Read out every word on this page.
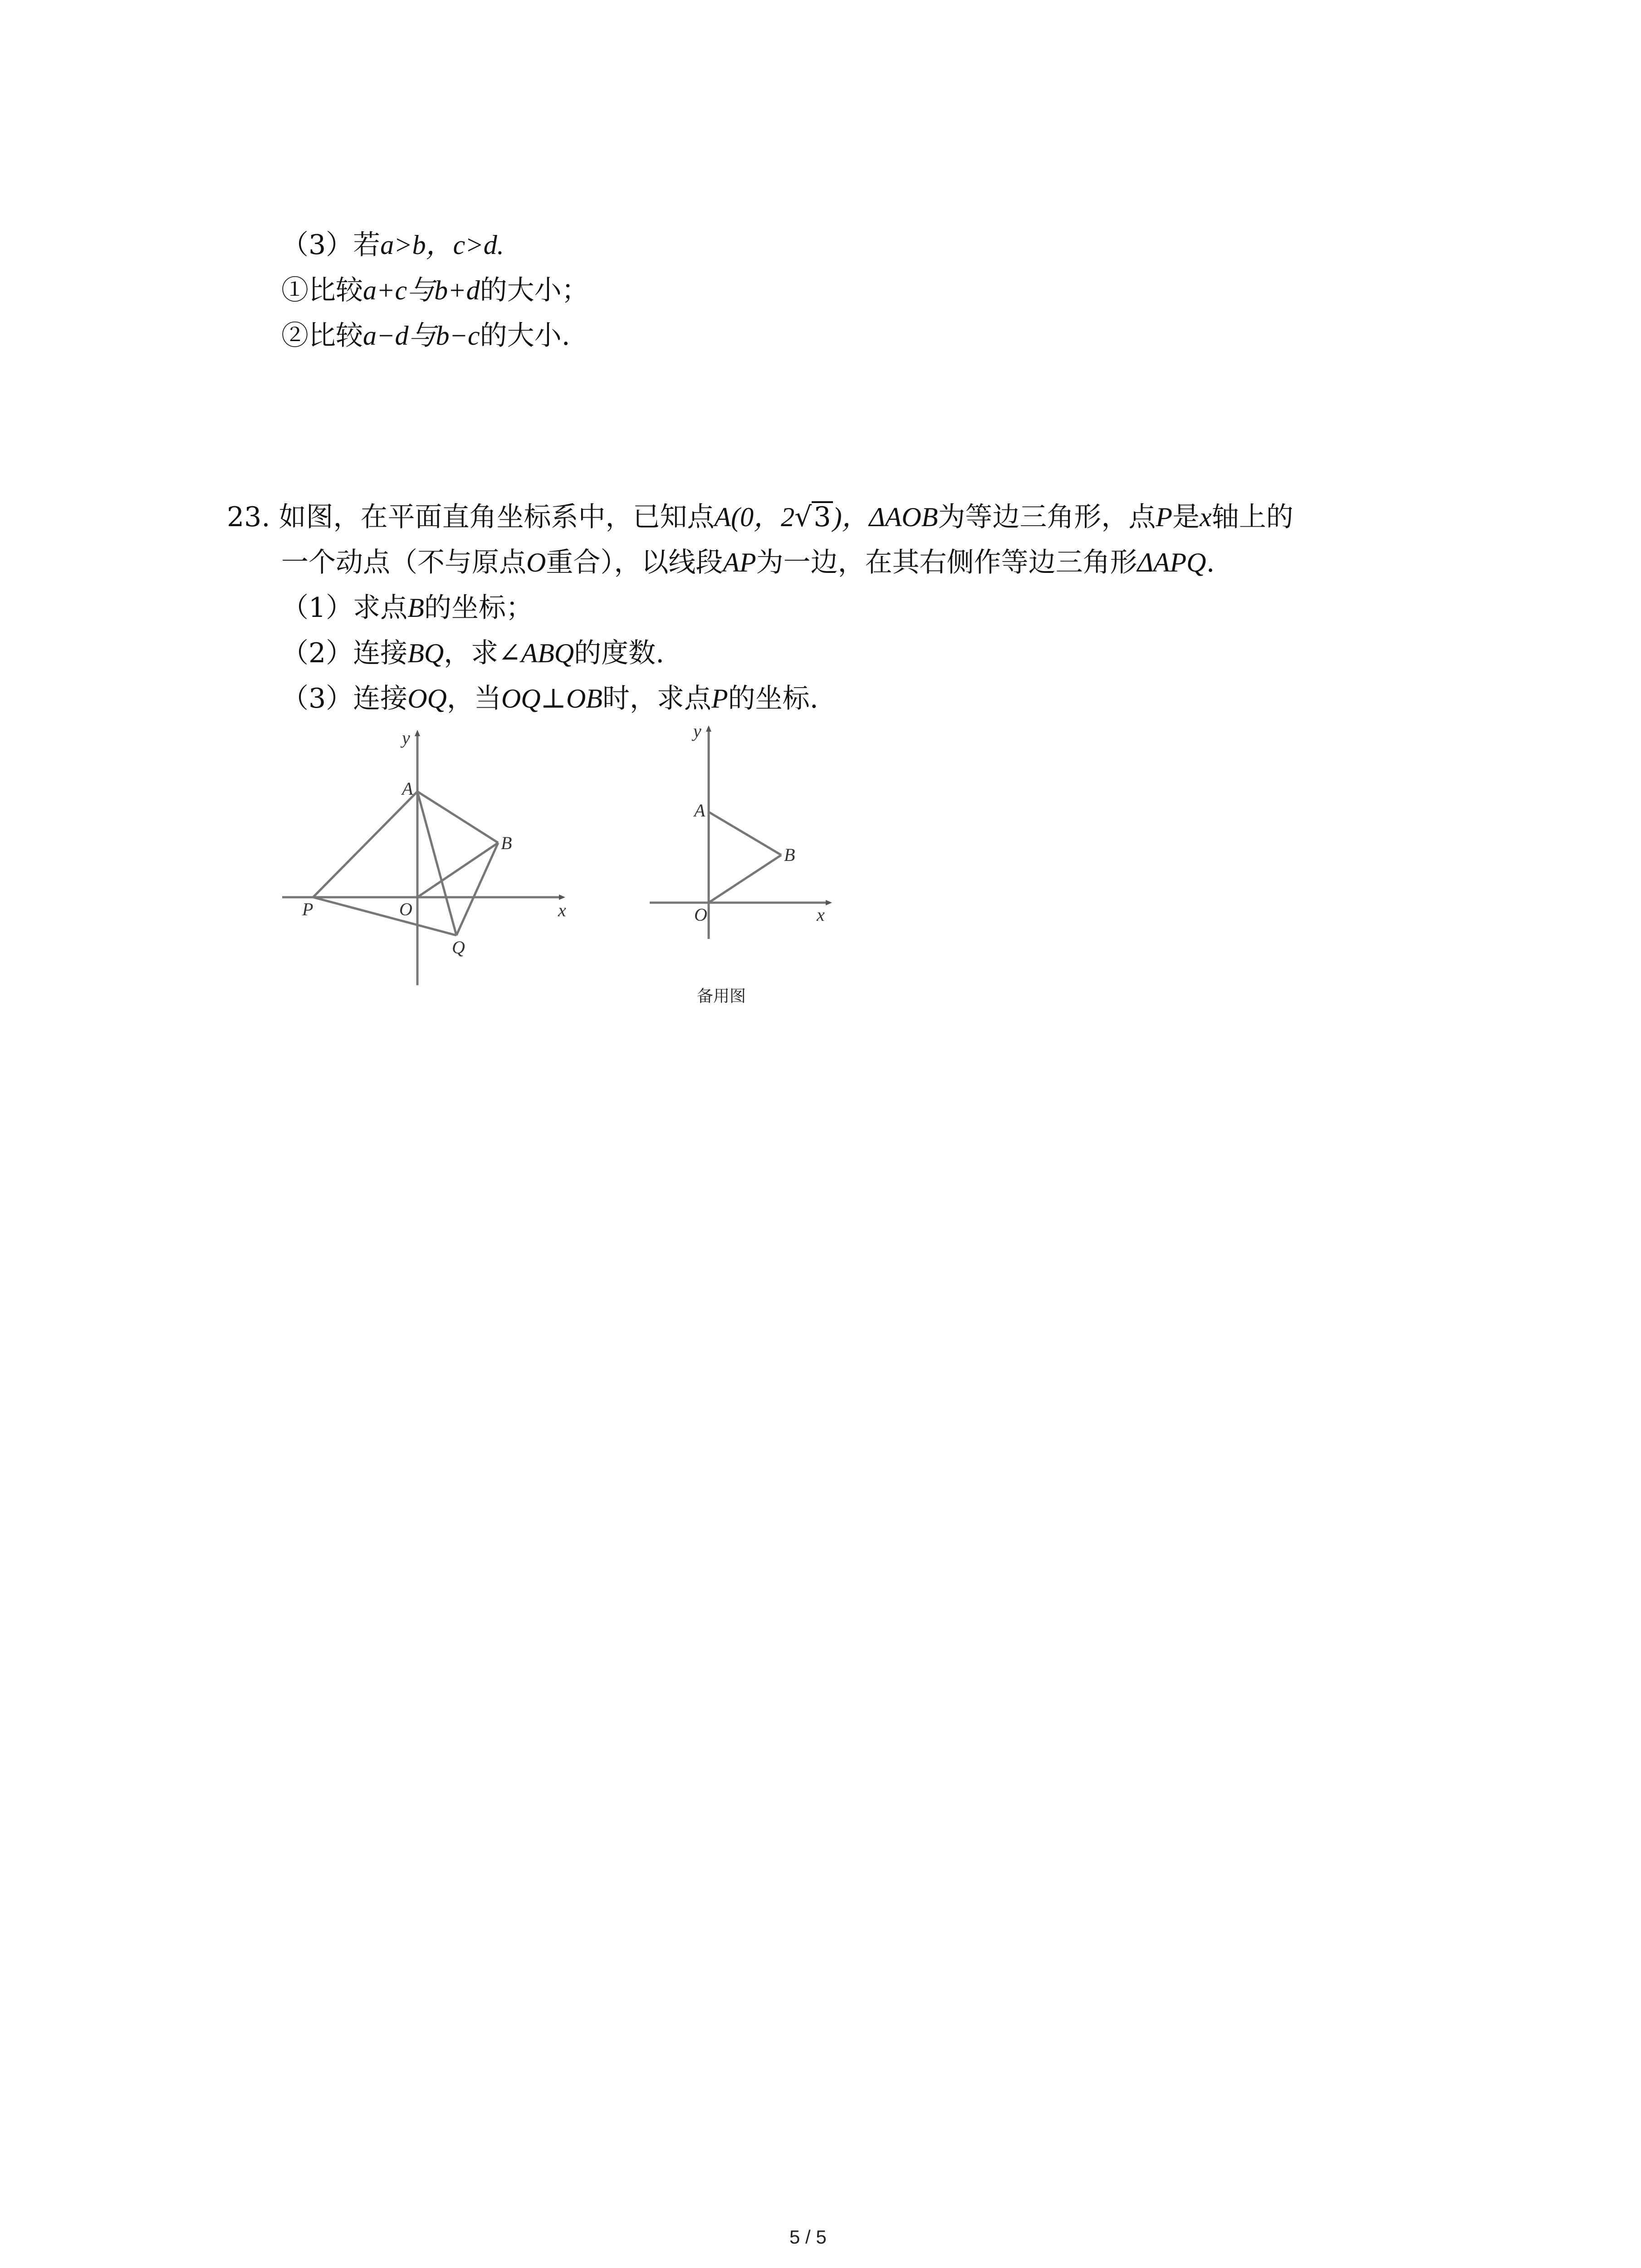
（3）若a>b，c>d.
①比较a+c与b+d的大小；
②比较a−d与b−c的大小.
23. 如图，在平面直角坐标系中，已知点A(0，2√3)，ΔAOB为等边三角形，点P是x轴上的
一个动点（不与原点O重合），以线段AP为一边，在其右侧作等边三角形ΔAPQ.
（1）求点B的坐标；
（2）连接BQ，求∠ABQ的度数.
（3）连接OQ，当OQ⊥OB时，求点P的坐标.
y
x
A
B
O
P
Q
y
x
A
B
O
备用图
5 / 5
